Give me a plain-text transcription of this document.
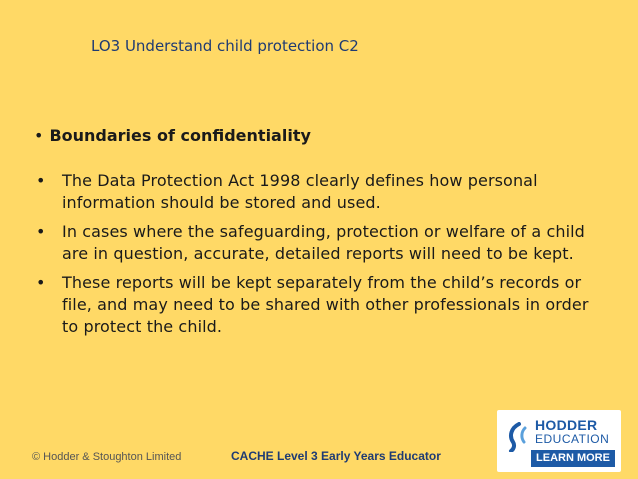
LO3 Understand child protection C2
• Boundaries of confidentiality
• The Data Protection Act 1998 clearly defines how personal information should be stored and used.
• In cases where the safeguarding, protection or welfare of a child are in question, accurate, detailed reports will need to be kept.
• These reports will be kept separately from the child’s records or file, and may need to be shared with other professionals in order to protect the child.
© Hodder & Stoughton Limited	CACHE Level 3 Early Years Educator
HODDER
EDUCATION
LEARN MORE
